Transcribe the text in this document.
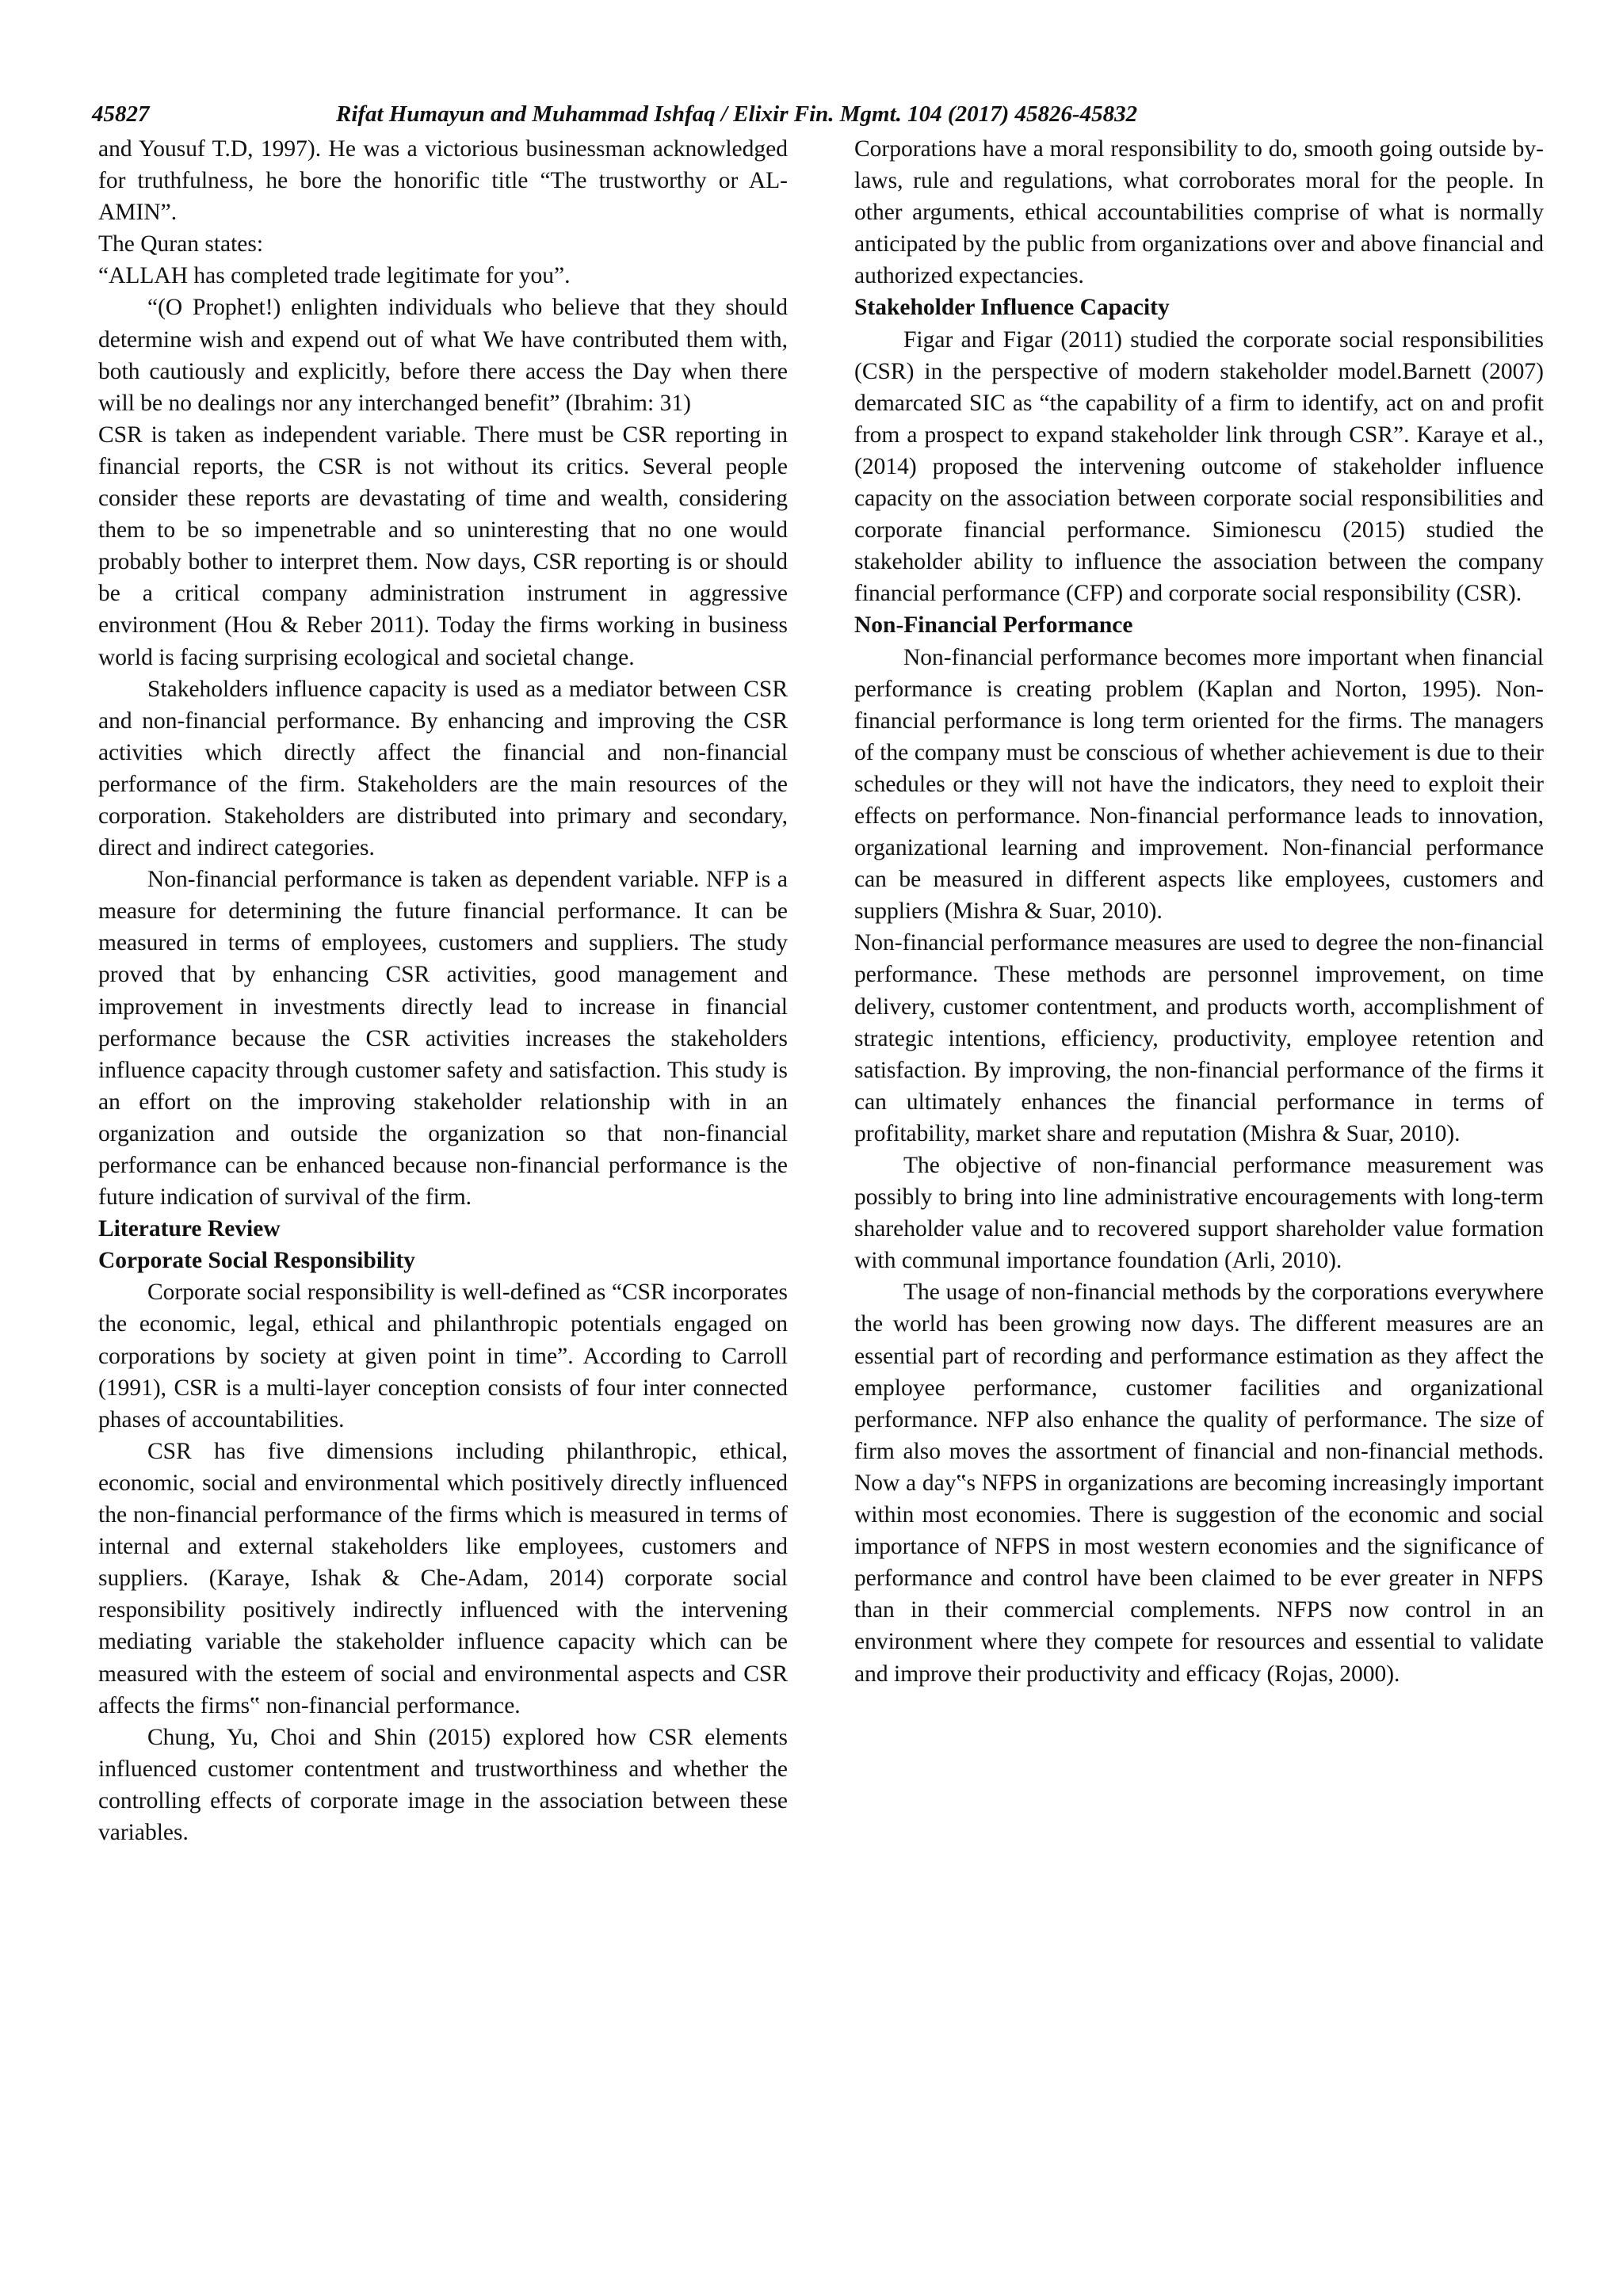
45827	Rifat Humayun and Muhammad Ishfaq / Elixir Fin. Mgmt. 104 (2017) 45826-45832

and Yousuf T.D, 1997). He was a victorious businessman acknowledged for truthfulness, he bore the honorific title “The trustworthy or AL-AMIN”.

The Quran states:

“ALLAH has completed trade legitimate for you”.

“(O Prophet!) enlighten individuals who believe that they should determine wish and expend out of what We have contributed them with, both cautiously and explicitly, before there access the Day when there will be no dealings nor any interchanged benefit” (Ibrahim: 31)

CSR is taken as independent variable. There must be CSR reporting in financial reports, the CSR is not without its critics. Several people consider these reports are devastating of time and wealth, considering them to be so impenetrable and so uninteresting that no one would probably bother to interpret them. Now days, CSR reporting is or should be a critical company administration instrument in aggressive environment (Hou & Reber 2011). Today the firms working in business world is facing surprising ecological and societal change.

Stakeholders influence capacity is used as a mediator between CSR and non-financial performance. By enhancing and improving the CSR activities which directly affect the financial and non-financial performance of the firm. Stakeholders are the main resources of the corporation. Stakeholders are distributed into primary and secondary, direct and indirect categories.

Non-financial performance is taken as dependent variable. NFP is a measure for determining the future financial performance. It can be measured in terms of employees, customers and suppliers. The study proved that by enhancing CSR activities, good management and improvement in investments directly lead to increase in financial performance because the CSR activities increases the stakeholders influence capacity through customer safety and satisfaction. This study is an effort on the improving stakeholder relationship with in an organization and outside the organization so that non-financial performance can be enhanced because non-financial performance is the future indication of survival of the firm.

Literature Review
Corporate Social Responsibility

Corporate social responsibility is well-defined as “CSR incorporates the economic, legal, ethical and philanthropic potentials engaged on corporations by society at given point in time”. According to Carroll (1991), CSR is a multi-layer conception consists of four inter connected phases of accountabilities.

CSR has five dimensions including philanthropic, ethical, economic, social and environmental which positively directly influenced the non-financial performance of the firms which is measured in terms of internal and external stakeholders like employees, customers and suppliers. (Karaye, Ishak & Che-Adam, 2014) corporate social responsibility positively indirectly influenced with the intervening mediating variable the stakeholder influence capacity which can be measured with the esteem of social and environmental aspects and CSR affects the firms‟ non-financial performance.

Chung, Yu, Choi and Shin (2015) explored how CSR elements influenced customer contentment and trustworthiness and whether the controlling effects of corporate image in the association between these variables.

Corporations have a moral responsibility to do, smooth going outside by-laws, rule and regulations, what corroborates moral for the people. In other arguments, ethical accountabilities comprise of what is normally anticipated by the public from organizations over and above financial and authorized expectancies.

Stakeholder Influence Capacity

Figar and Figar (2011) studied the corporate social responsibilities (CSR) in the perspective of modern stakeholder model.Barnett (2007) demarcated SIC as “the capability of a firm to identify, act on and profit from a prospect to expand stakeholder link through CSR”. Karaye et al., (2014) proposed the intervening outcome of stakeholder influence capacity on the association between corporate social responsibilities and corporate financial performance. Simionescu (2015) studied the stakeholder ability to influence the association between the company financial performance (CFP) and corporate social responsibility (CSR).

Non-Financial Performance

Non-financial performance becomes more important when financial performance is creating problem (Kaplan and Norton, 1995). Non-financial performance is long term oriented for the firms. The managers of the company must be conscious of whether achievement is due to their schedules or they will not have the indicators, they need to exploit their effects on performance. Non-financial performance leads to innovation, organizational learning and improvement. Non-financial performance can be measured in different aspects like employees, customers and suppliers (Mishra & Suar, 2010).

Non-financial performance measures are used to degree the non-financial performance. These methods are personnel improvement, on time delivery, customer contentment, and products worth, accomplishment of strategic intentions, efficiency, productivity, employee retention and satisfaction. By improving, the non-financial performance of the firms it can ultimately enhances the financial performance in terms of profitability, market share and reputation (Mishra & Suar, 2010).

The objective of non-financial performance measurement was possibly to bring into line administrative encouragements with long-term shareholder value and to recovered support shareholder value formation with communal importance foundation (Arli, 2010).

The usage of non-financial methods by the corporations everywhere the world has been growing now days. The different measures are an essential part of recording and performance estimation as they affect the employee performance, customer facilities and organizational performance. NFP also enhance the quality of performance. The size of firm also moves the assortment of financial and non-financial methods. Now a day‟s NFPS in organizations are becoming increasingly important within most economies. There is suggestion of the economic and social importance of NFPS in most western economies and the significance of performance and control have been claimed to be ever greater in NFPS than in their commercial complements. NFPS now control in an environment where they compete for resources and essential to validate and improve their productivity and efficacy (Rojas, 2000).
